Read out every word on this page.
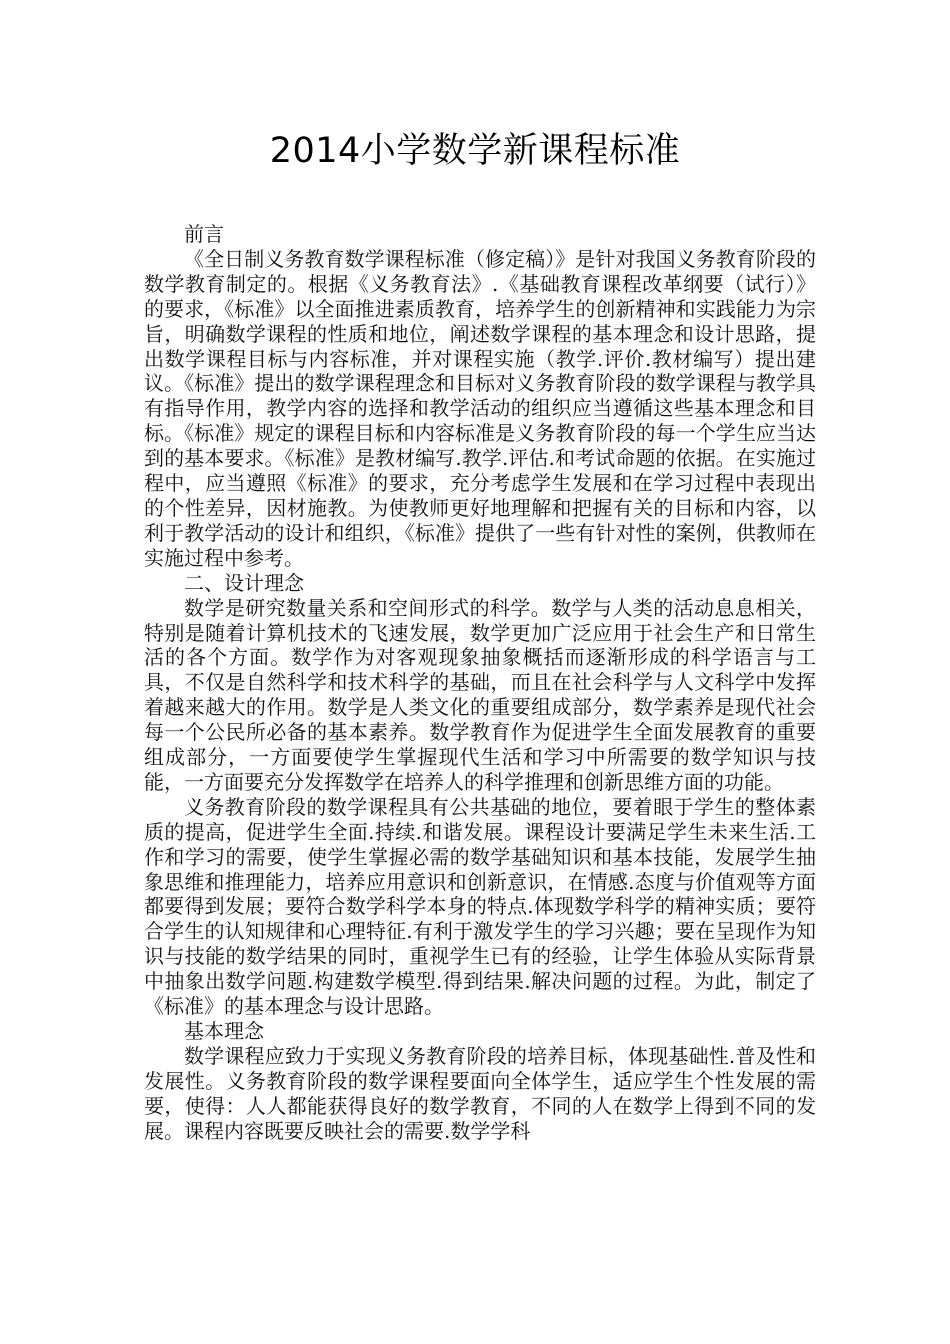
2014小学数学新课程标准

前言

《全日制义务教育数学课程标准（修定稿）》是针对我国义务教育阶段的数学教育制定的。根据《义务教育法》.《基础教育课程改革纲要（试行）》的要求，《标准》以全面推进素质教育，培养学生的创新精神和实践能力为宗旨，明确数学课程的性质和地位，阐述数学课程的基本理念和设计思路，提出数学课程目标与内容标准，并对课程实施（教学.评价.教材编写）提出建议。《标准》提出的数学课程理念和目标对义务教育阶段的数学课程与教学具有指导作用，教学内容的选择和教学活动的组织应当遵循这些基本理念和目标。《标准》规定的课程目标和内容标准是义务教育阶段的每一个学生应当达到的基本要求。《标准》是教材编写.教学.评估.和考试命题的依据。在实施过程中，应当遵照《标准》的要求，充分考虑学生发展和在学习过程中表现出的个性差异，因材施教。为使教师更好地理解和把握有关的目标和内容，以利于教学活动的设计和组织，《标准》提供了一些有针对性的案例，供教师在实施过程中参考。

二、设计理念

数学是研究数量关系和空间形式的科学。数学与人类的活动息息相关，特别是随着计算机技术的飞速发展，数学更加广泛应用于社会生产和日常生活的各个方面。数学作为对客观现象抽象概括而逐渐形成的科学语言与工具，不仅是自然科学和技术科学的基础，而且在社会科学与人文科学中发挥着越来越大的作用。数学是人类文化的重要组成部分，数学素养是现代社会每一个公民所必备的基本素养。数学教育作为促进学生全面发展教育的重要组成部分，一方面要使学生掌握现代生活和学习中所需要的数学知识与技能，一方面要充分发挥数学在培养人的科学推理和创新思维方面的功能。

义务教育阶段的数学课程具有公共基础的地位，要着眼于学生的整体素质的提高，促进学生全面.持续.和谐发展。课程设计要满足学生未来生活.工作和学习的需要，使学生掌握必需的数学基础知识和基本技能，发展学生抽象思维和推理能力，培养应用意识和创新意识，在情感.态度与价值观等方面都要得到发展；要符合数学科学本身的特点.体现数学科学的精神实质；要符合学生的认知规律和心理特征.有利于激发学生的学习兴趣；要在呈现作为知识与技能的数学结果的同时，重视学生已有的经验，让学生体验从实际背景中抽象出数学问题.构建数学模型.得到结果.解决问题的过程。为此，制定了《标准》的基本理念与设计思路。

基本理念

数学课程应致力于实现义务教育阶段的培养目标，体现基础性.普及性和发展性。义务教育阶段的数学课程要面向全体学生，适应学生个性发展的需要，使得：人人都能获得良好的数学教育，不同的人在数学上得到不同的发展。课程内容既要反映社会的需要.数学学科
